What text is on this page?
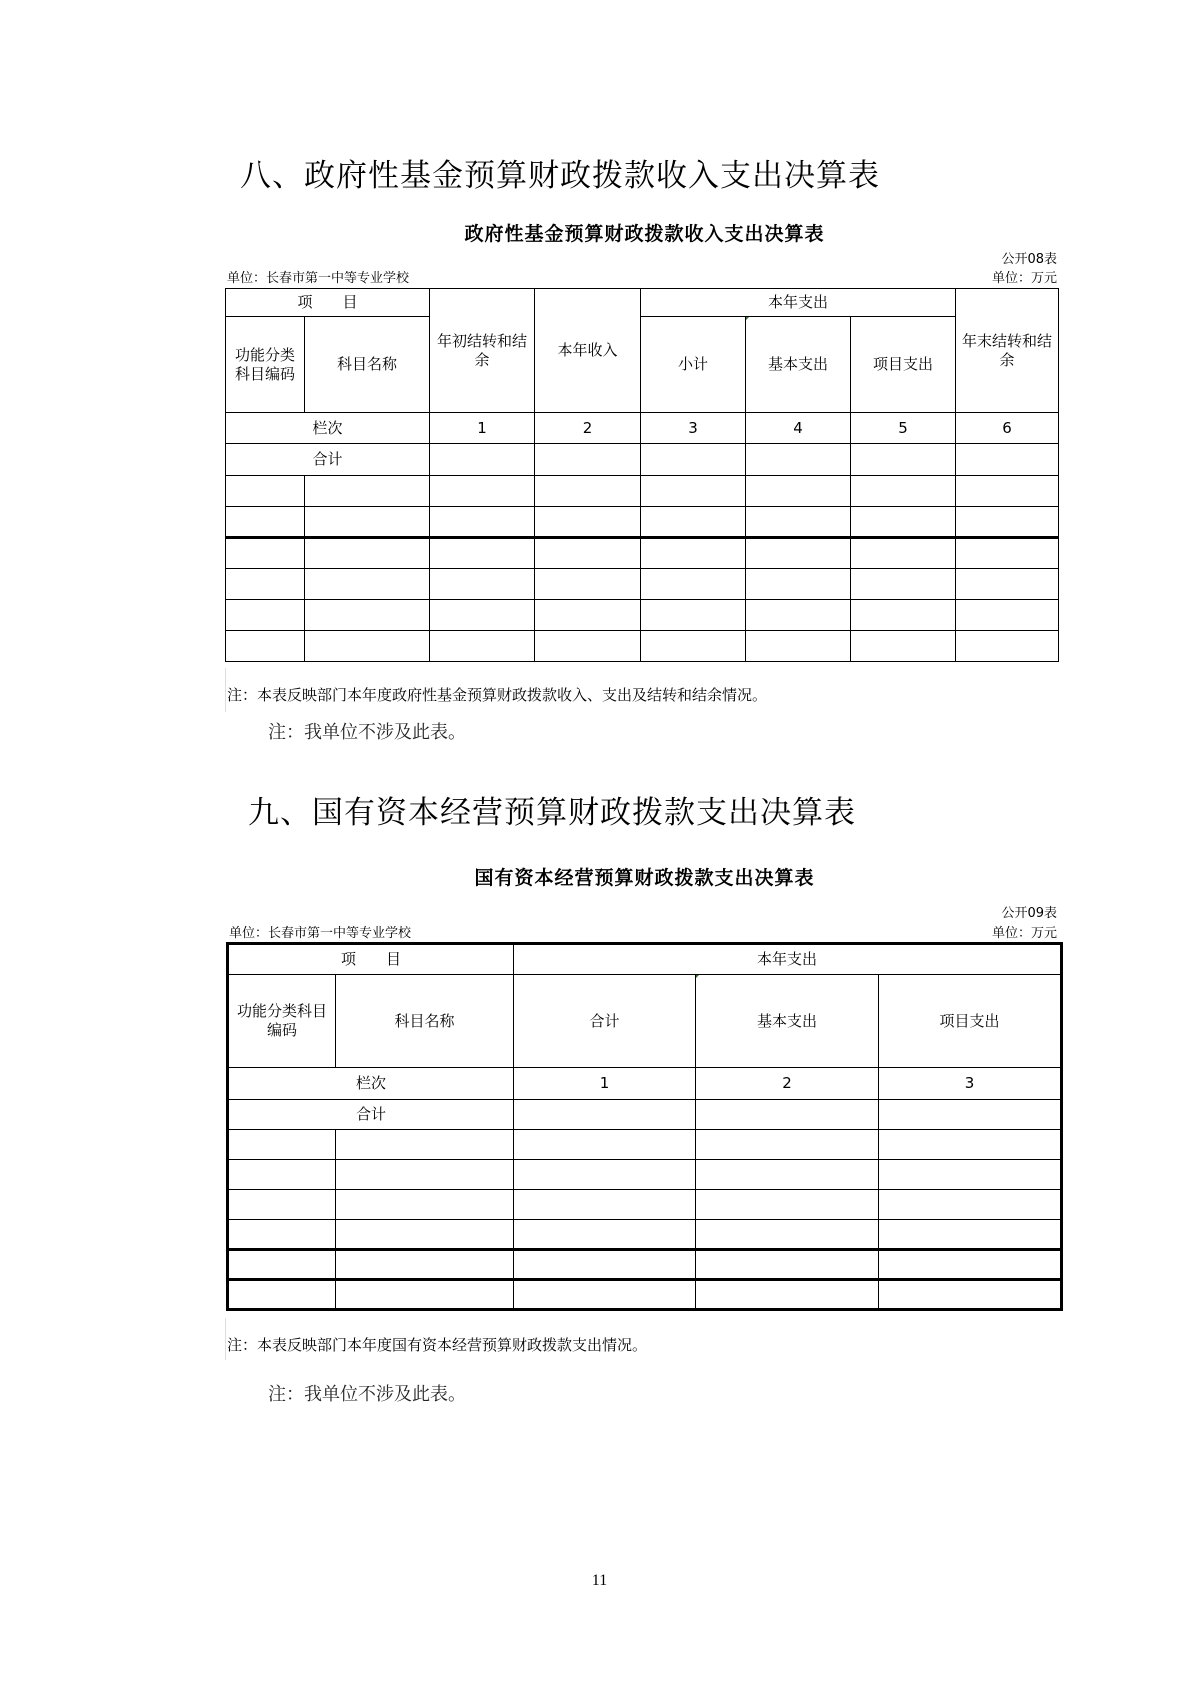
八、政府性基金预算财政拨款收入支出决算表
政府性基金预算财政拨款收入支出决算表
公开08表
单位：长春市第一中等专业学校	单位：万元
项　　目		年初结转和结余	本年收入	本年支出			年末结转和结余
功能分类科目编码	科目名称			小计	基本支出	项目支出	
栏次		1	2	3	4	5	6
合计							

注：本表反映部门本年度政府性基金预算财政拨款收入、支出及结转和结余情况。
注：我单位不涉及此表。
九、国有资本经营预算财政拨款支出决算表
国有资本经营预算财政拨款支出决算表
公开09表
单位：长春市第一中等专业学校	单位：万元
项　　目		本年支出		
功能分类科目编码	科目名称	合计	基本支出	项目支出
栏次		1	2	3
合计				

注：本表反映部门本年度国有资本经营预算财政拨款支出情况。
注：我单位不涉及此表。
11
